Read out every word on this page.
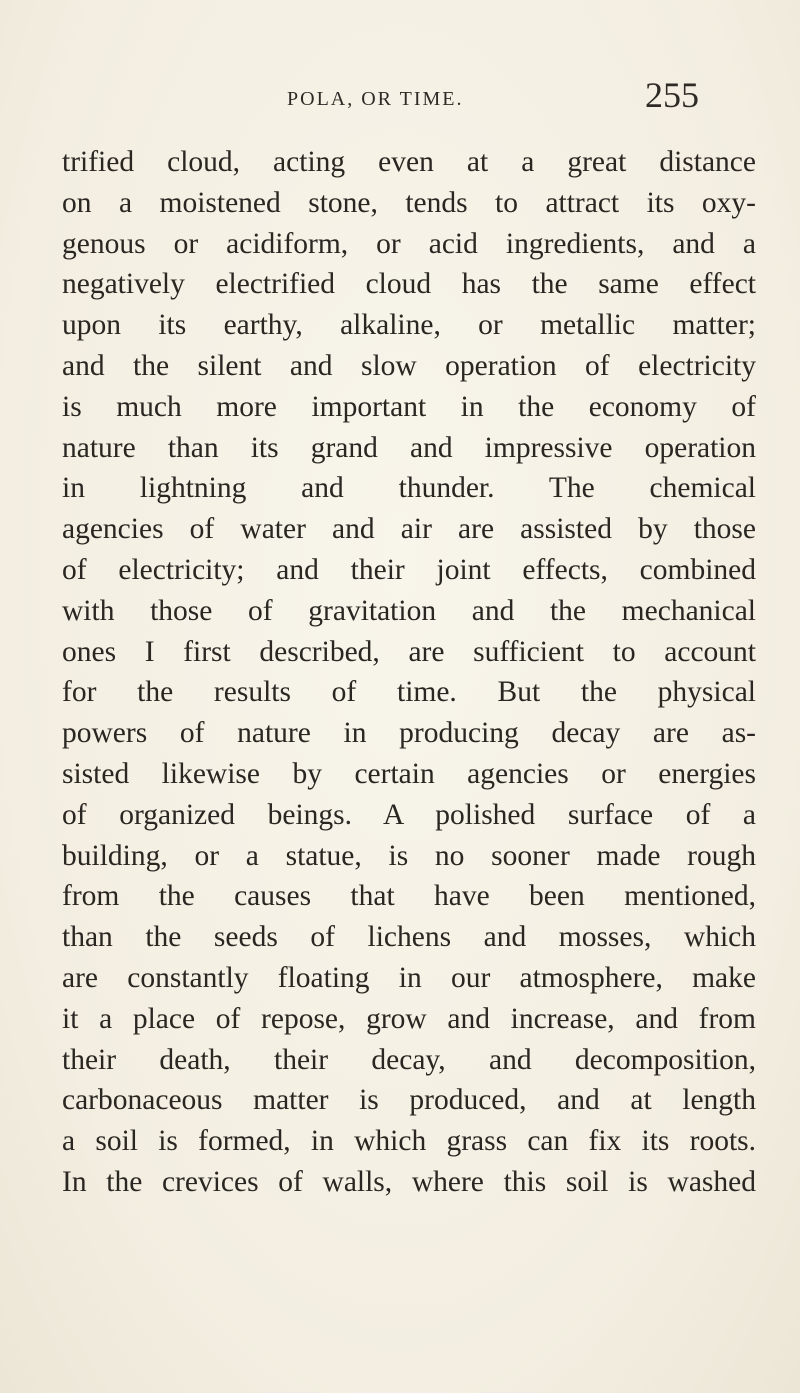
POLA, OR TIME.	255
trified cloud, acting even at a great distance
on a moistened stone, tends to attract its oxy-
genous or acidiform, or acid ingredients, and a
negatively electrified cloud has the same effect
upon its earthy, alkaline, or metallic matter;
and the silent and slow operation of electricity
is much more important in the economy of
nature than its grand and impressive operation
in lightning and thunder. The chemical
agencies of water and air are assisted by those
of electricity; and their joint effects, combined
with those of gravitation and the mechanical
ones I first described, are sufficient to account
for the results of time. But the physical
powers of nature in producing decay are as-
sisted likewise by certain agencies or energies
of organized beings. A polished surface of a
building, or a statue, is no sooner made rough
from the causes that have been mentioned,
than the seeds of lichens and mosses, which
are constantly floating in our atmosphere, make
it a place of repose, grow and increase, and from
their death, their decay, and decomposition,
carbonaceous matter is produced, and at length
a soil is formed, in which grass can fix its roots.
In the crevices of walls, where this soil is washed
